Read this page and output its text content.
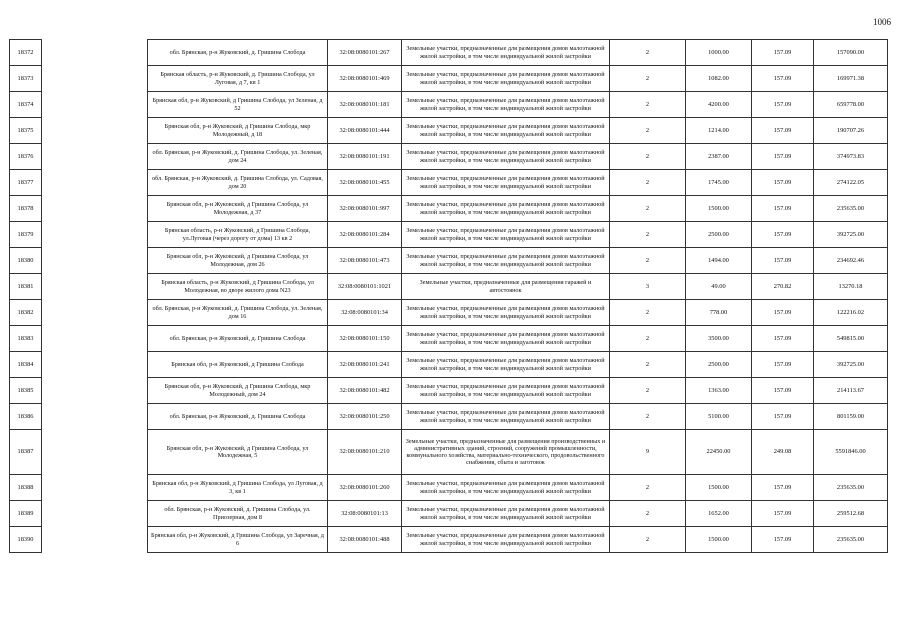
1006
18372		обл. Брянская, р-н Жуковский, д. Гришина Слобода	32:08:0080101:267	Земельные участки, предназначенные для размещения домов малоэтажной жилой застройки, в том числе индивидуальной жилой застройки	2	1000.00	157.09	157090.00
18373		Брянская область, р-н Жуковский, д. Гришина Слобода, ул Луговая, д 7, кв 1	32:08:0080101:469	Земельные участки, предназначенные для размещения домов малоэтажной жилой застройки, в том числе индивидуальной жилой застройки	2	1082.00	157.09	169971.38
18374		Брянская обл, р-н Жуковский, д Гришина Слобода, ул Зеленая, д 52	32:08:0080101:181	Земельные участки, предназначенные для размещения домов малоэтажной жилой застройки, в том числе индивидуальной жилой застройки	2	4200.00	157.09	659778.00
18375		Брянская обл, р-н Жуковский, д Гришина Слобода, мкр Молодежный, д 18	32:08:0080101:444	Земельные участки, предназначенные для размещения домов малоэтажной жилой застройки, в том числе индивидуальной жилой застройки	2	1214.00	157.09	190707.26
18376		обл. Брянская, р-н Жуковский, д. Гришина Слобода, ул. Зеленая, дом 24	32:08:0080101:191	Земельные участки, предназначенные для размещения домов малоэтажной жилой застройки, в том числе индивидуальной жилой застройки	2	2387.00	157.09	374973.83
18377		обл. Брянская, р-н Жуковский, д. Гришина Слобода, ул. Садовая, дом 20	32:08:0080101:455	Земельные участки, предназначенные для размещения домов малоэтажной жилой застройки, в том числе индивидуальной жилой застройки	2	1745.00	157.09	274122.05
18378		Брянская обл, р-н Жуковский, д Гришина Слобода, ул Молодежная, д 37	32:08:0080101:997	Земельные участки, предназначенные для размещения домов малоэтажной жилой застройки, в том числе индивидуальной жилой застройки	2	1500.00	157.09	235635.00
18379		Брянская область, р-н Жуковский, д Гришина Слобода, ул.Луговая (через дорогу от дома) 13 кв 2	32:08:0080101:284	Земельные участки, предназначенные для размещения домов малоэтажной жилой застройки, в том числе индивидуальной жилой застройки	2	2500.00	157.09	392725.00
18380		Брянская обл, р-н Жуковский, д Гришина Слобода, ул Молодежная, дом 26	32:08:0080101:473	Земельные участки, предназначенные для размещения домов малоэтажной жилой застройки, в том числе индивидуальной жилой застройки	2	1494.00	157.09	234692.46
18381		Брянская область, р-н Жуковский, д Гришина Слобода, ул Молодежная, во дворе жилого дома N23	32:08:0080101:1021	Земельные участки, предназначенные для размещения гаражей и автостоянок	3	49.00	270.82	13270.18
18382		обл. Брянская, р-н Жуковский, д. Гришина Слобода, ул. Зеленая, дом 16	32:08:0080101:34	Земельные участки, предназначенные для размещения домов малоэтажной жилой застройки, в том числе индивидуальной жилой застройки	2	778.00	157.09	122216.02
18383		обл. Брянская, р-н Жуковский, д. Гришина Слобода	32:08:0080101:150	Земельные участки, предназначенные для размещения домов малоэтажной жилой застройки, в том числе индивидуальной жилой застройки	2	3500.00	157.09	549815.00
18384		Брянская обл, р-н Жуковский, д Гришина Слобода	32:08:0080101:241	Земельные участки, предназначенные для размещения домов малоэтажной жилой застройки, в том числе индивидуальной жилой застройки	2	2500.00	157.09	392725.00
18385		Брянская обл, р-н Жуковский, д Гришина Слобода, мкр Молодежный, дом 24	32:08:0080101:482	Земельные участки, предназначенные для размещения домов малоэтажной жилой застройки, в том числе индивидуальной жилой застройки	2	1363.00	157.09	214113.67
18386		обл. Брянская, р-н Жуковский, д. Гришина Слобода	32:08:0080101:250	Земельные участки, предназначенные для размещения домов малоэтажной жилой застройки, в том числе индивидуальной жилой застройки	2	5100.00	157.09	801159.00
18387		Брянская обл, р-н Жуковский, д Гришина Слобода, ул Молодежная, 5	32:08:0080101:210	Земельные участки, предназначенные для размещения производственных и административных зданий, строений, сооружений промышленности, коммунального хозяйства, материально-технического, продовольственного снабжения, сбыта и заготовок	9	22450.00	249.08	5591846.00
18388		Брянская обл, р-н Жуковский, д Гришина Слобода, ул Луговая, д 3, кв 1	32:08:0080101:260	Земельные участки, предназначенные для размещения домов малоэтажной жилой застройки, в том числе индивидуальной жилой застройки	2	1500.00	157.09	235635.00
18389		обл. Брянская, р-н Жуковский, д. Гришина Слобода, ул. Приозерная, дом 8	32:08:0080101:13	Земельные участки, предназначенные для размещения домов малоэтажной жилой застройки, в том числе индивидуальной жилой застройки	2	1652.00	157.09	259512.68
18390		Брянская обл, р-н Жуковский, д Гришина Слобода, ул Заречная, д 6	32:08:0080101:488	Земельные участки, предназначенные для размещения домов малоэтажной жилой застройки, в том числе индивидуальной жилой застройки	2	1500.00	157.09	235635.00
